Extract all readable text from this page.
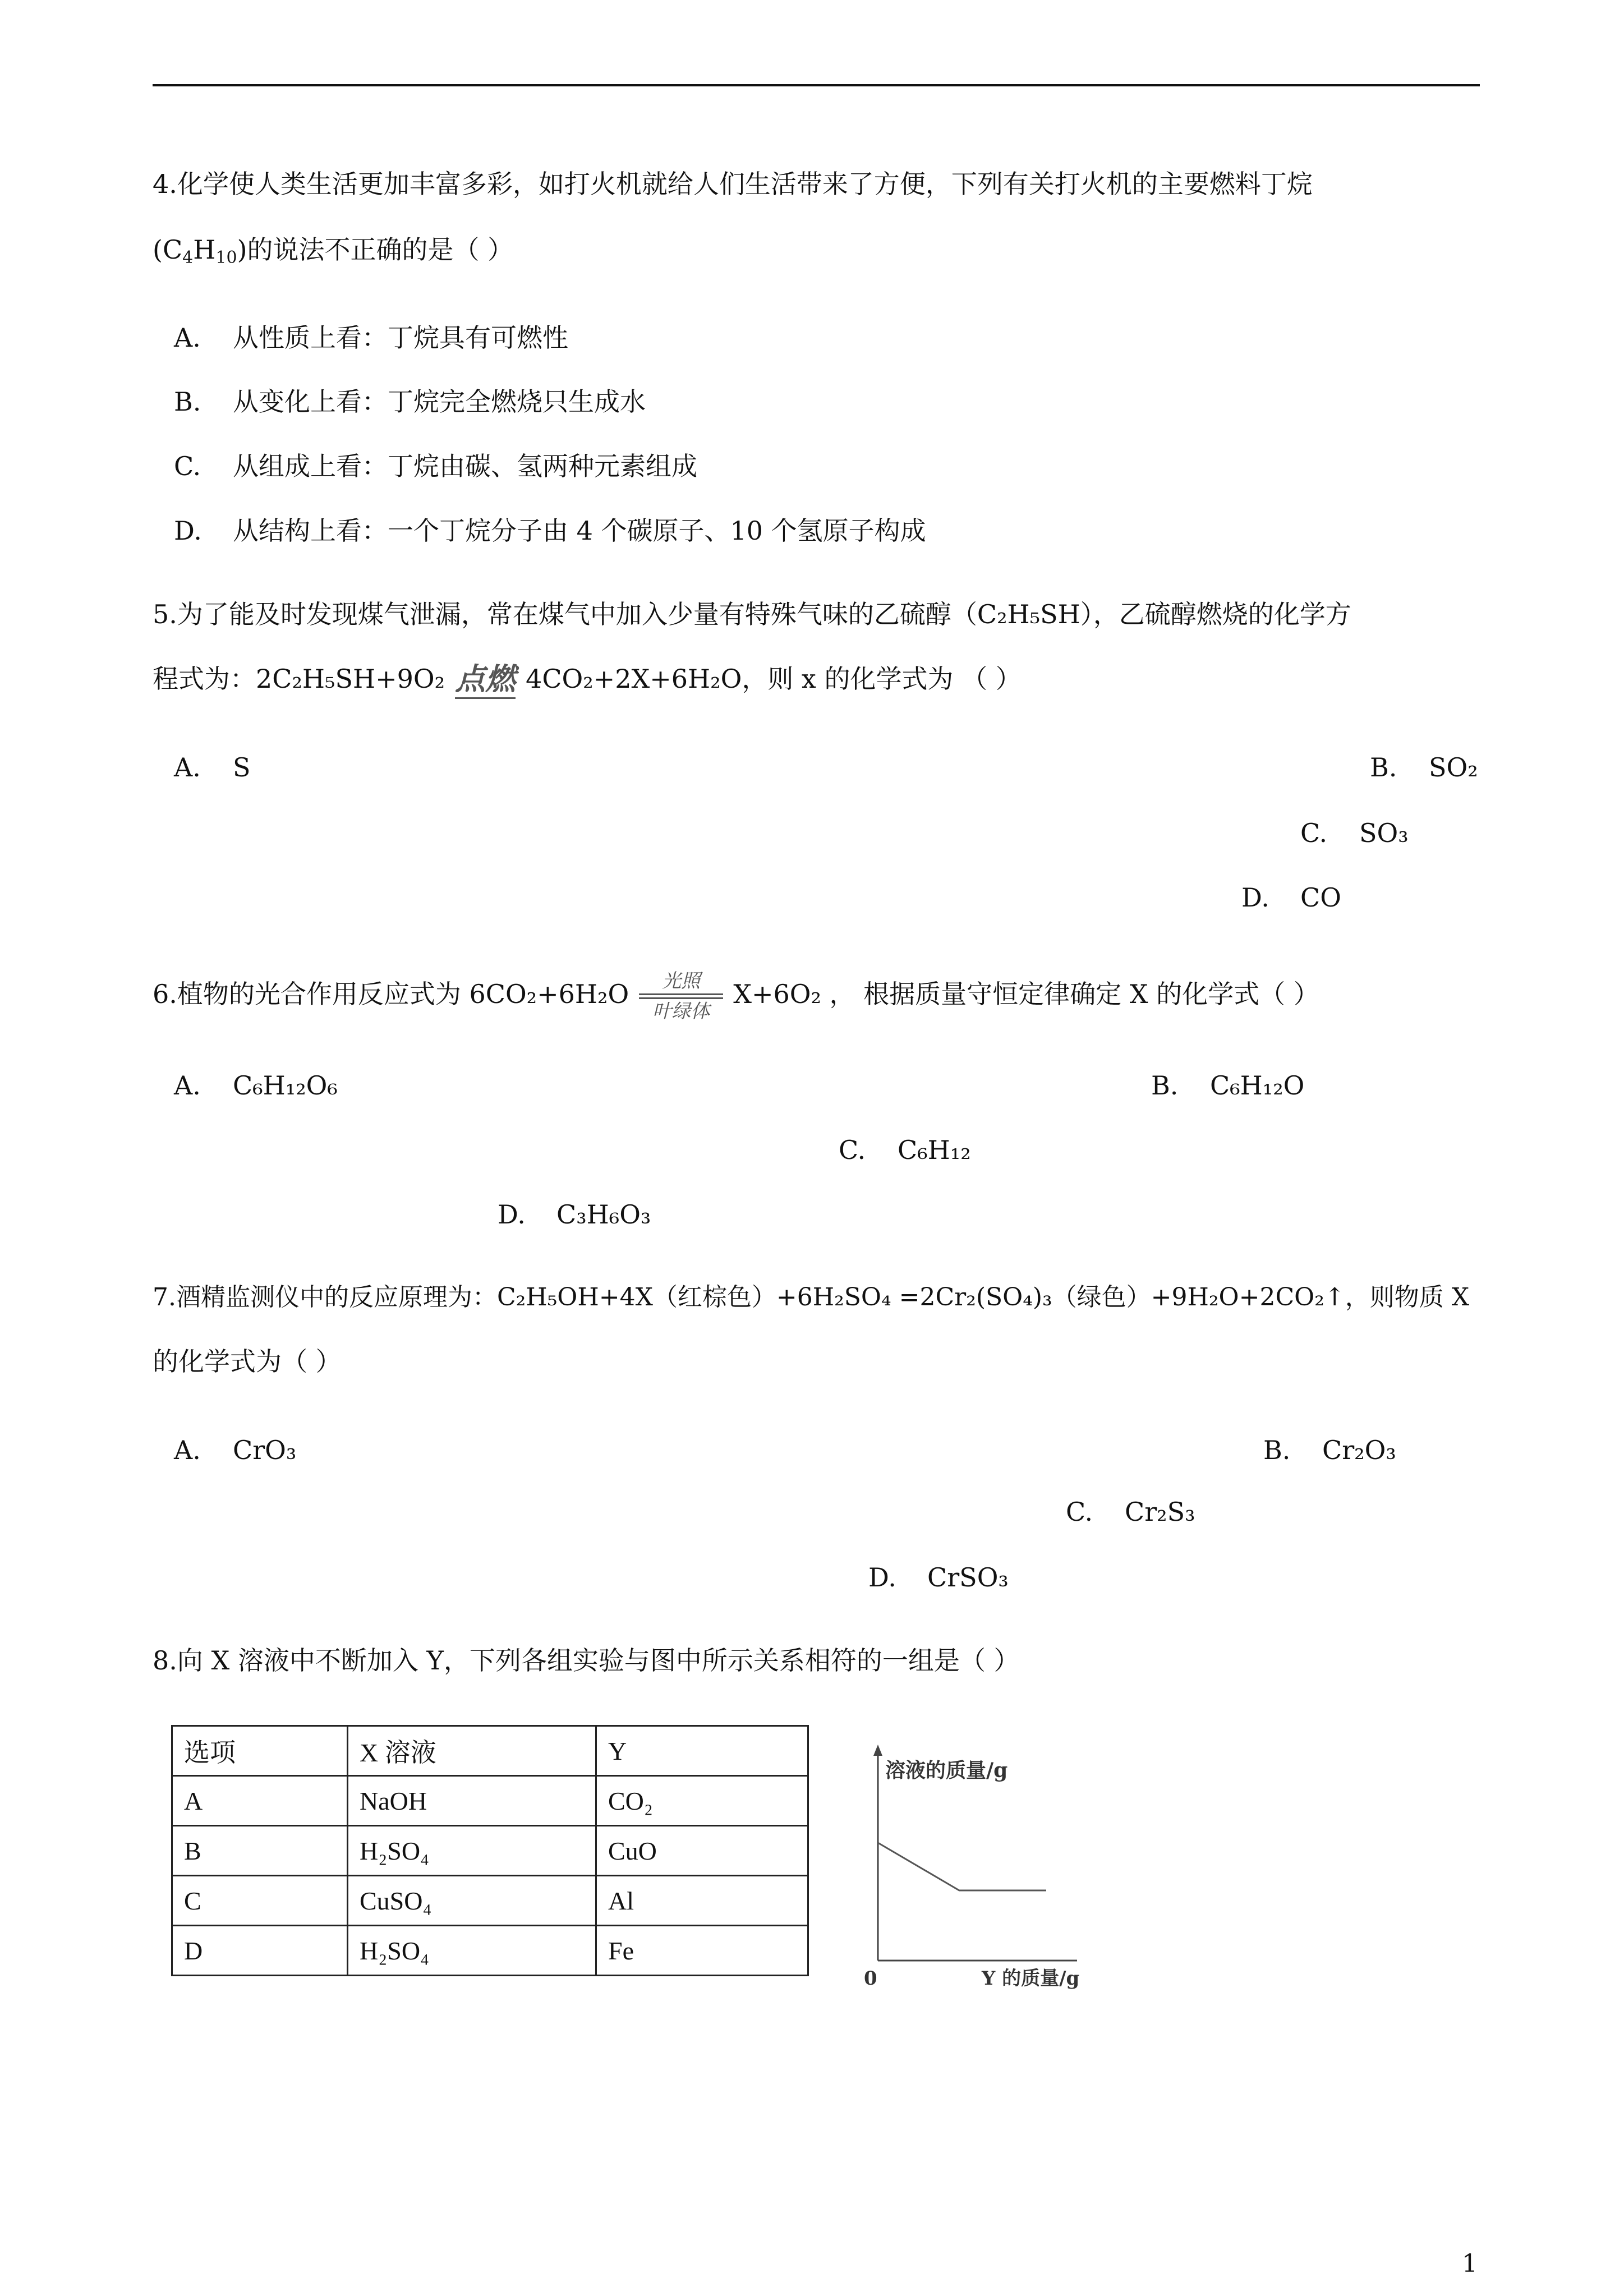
4.化学使人类生活更加丰富多彩，如打火机就给人们生活带来了方便，下列有关打火机的主要燃料丁烷
$(C_4H_{10})$的说法不正确的是（ ）
A. 从性质上看：丁烷具有可燃性
B. 从变化上看：丁烷完全燃烧只生成水
C. 从组成上看：丁烷由碳、氢两种元素组成
D. 从结构上看：一个丁烷分子由 4 个碳原子、10 个氢原子构成
5.为了能及时发现煤气泄漏，常在煤气中加入少量有特殊气味的乙硫醇（C₂H₅SH），乙硫醇燃烧的化学方
程式为：2C₂H₅SH+9O₂ 点燃 4CO₂+2X+6H₂O，则 x 的化学式为 （ ）
A. S	B. SO₂
C. SO₃
D. CO
6.植物的光合作用反应式为 6CO₂+6H₂O	光照
叶绿体
X+6O₂ ， 根据质量守恒定律确定 X 的化学式（ ）
A. C₆H₁₂O₆	B. C₆H₁₂O
C. C₆H₁₂
D. C₃H₆O₃
7.酒精监测仪中的反应原理为：C₂H₅OH+4X（红棕色）+6H₂SO₄ =2Cr₂(SO₄)₃（绿色）+9H₂O+2CO₂↑，则物质 X
的化学式为（ ）
A. CrO₃	B. Cr₂O₃
C. Cr₂S₃
D. CrSO₃
8.向 X 溶液中不断加入 Y，下列各组实验与图中所示关系相符的一组是（ ）
选项	X 溶液	Y
A	NaOH	CO₂
B	H₂SO₄	CuO
C	CuSO₄	Al
D	H₂SO₄	Fe
溶液的质量/g
0	Y 的质量/g
1
